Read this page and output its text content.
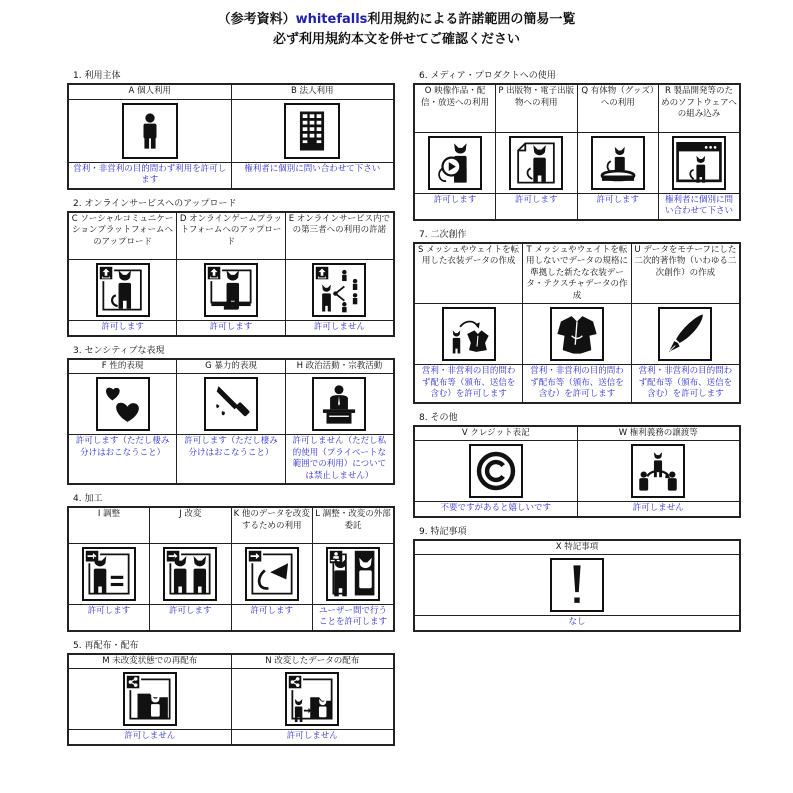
（参考資料）whitefalls利用規約による許諾範囲の簡易一覧
必ず利用規約本文を併せてご確認ください
1. 利用主体
A 個人利用	B 法人利用

営利・非営利の目的問わず利用を許可します	権利者に個別に問い合わせて下さい
2. オンラインサービスへのアップロード
C ソーシャルコミュニケーションプラットフォームへのアップロード	D オンラインゲームプラットフォームへのアップロード	E オンラインサービス内での第三者への利用の許諾

許可します	許可します	許可しません
3. センシティブな表現
F 性的表現	G 暴力的表現	H 政治活動・宗教活動

許可します（ただし棲み分けはおこなうこと）	許可します（ただし棲み分けはおこなうこと）	許可しません（ただし私的使用（プライベートな範囲での利用）については禁止しません）
4. 加工
I 調整	J 改変	K 他のデータを改変するための利用	L 調整・改変の外部委託

許可します	許可します	許可します	ユーザー間で行うことを許可します
5. 再配布・配布
M 未改変状態での再配布	N 改変したデータの配布

許可しません	許可しません
6. メディア・プロダクトへの使用
O 映像作品・配信・放送への利用	P 出版物・電子出版物への利用	Q 有体物（グッズ）への利用	R 製品開発等のためのソフトウェアへの組み込み

許可します	許可します	許可します	権利者に個別に問い合わせて下さい
7. 二次創作
S メッシュやウェイトを転用した衣装データの作成	T メッシュやウェイトを転用しないでデータの規格に準拠した新たな衣装データ・テクスチャデータの作成	U データをモチーフにした二次的著作物（いわゆる二次創作）の作成

営利・非営利の目的問わず配布等（頒布、送信を含む）を許可します	営利・非営利の目的問わず配布等（頒布、送信を含む）を許可します	営利・非営利の目的問わず配布等（頒布、送信を含む）を許可します
8. その他
V クレジット表記	W 権利義務の譲渡等

不要ですがあると嬉しいです	許可しません
9. 特記事項
X 特記事項

なし
